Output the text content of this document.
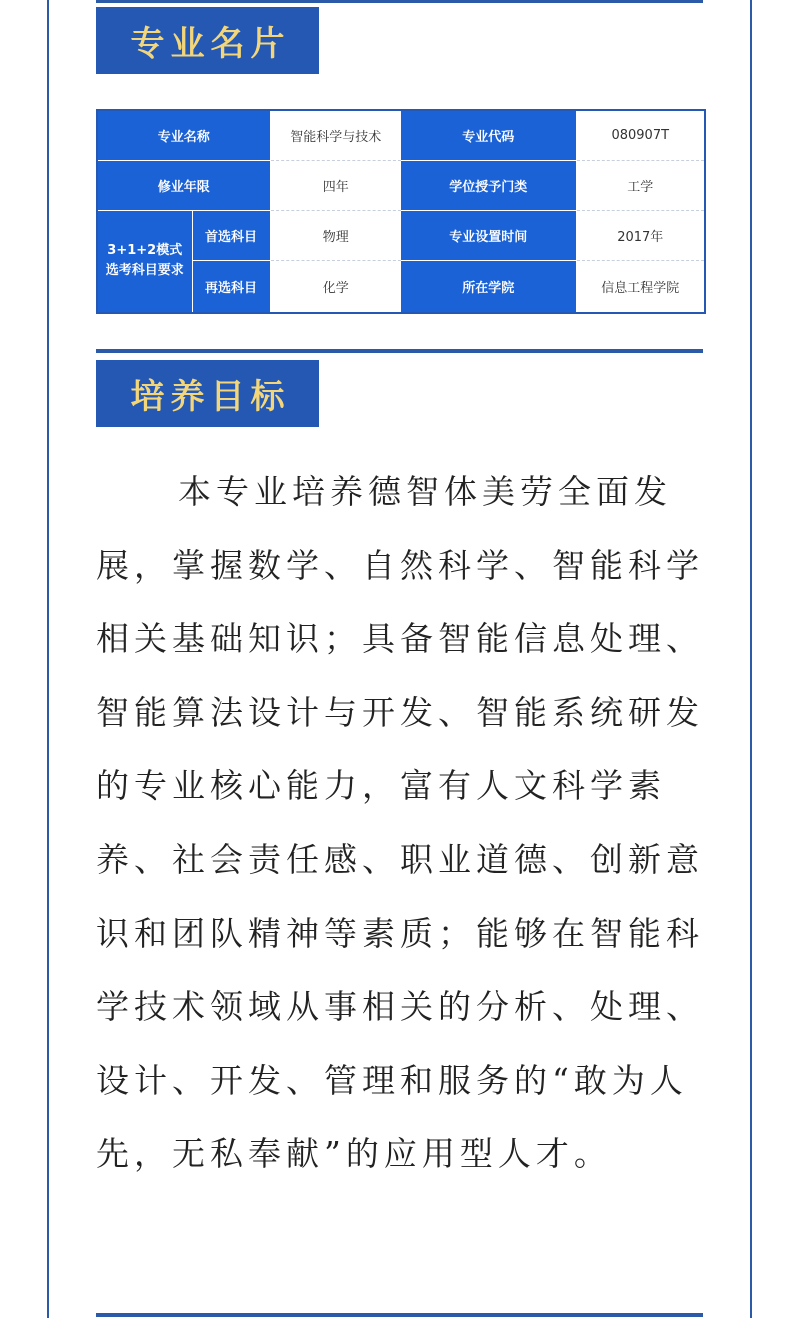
专业名片
专业名称		智能科学与技术	专业代码	080907T
修业年限		四年	学位授予门类	工学

3+1+2模式
选考科目要求	首选科目	物理	专业设置时间	2017年
	再选科目	化学	所在学院	信息工程学院
培养目标

本专业培养德智体美劳全面发展，掌握数学、自然科学、智能科学相关基础知识；具备智能信息处理、智能算法设计与开发、智能系统研发的专业核心能力，富有人文科学素养、社会责任感、职业道德、创新意识和团队精神等素质；能够在智能科学技术领域从事相关的分析、处理、设计、开发、管理和服务的“敢为人先，无私奉献”的应用型人才。
